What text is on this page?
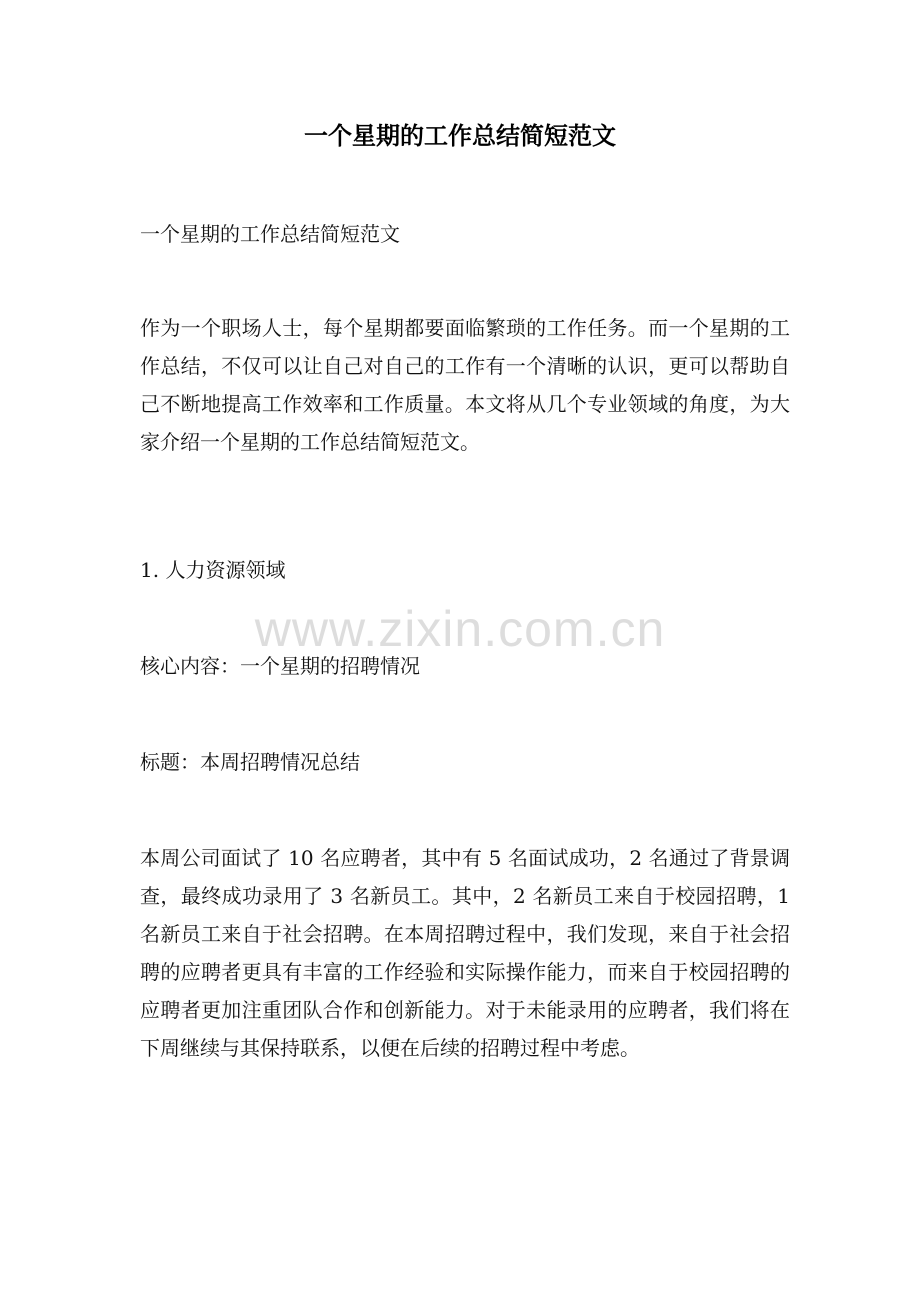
一个星期的工作总结简短范文

一个星期的工作总结简短范文

作为一个职场人士，每个星期都要面临繁琐的工作任务。而一个星期的工作总结，不仅可以让自己对自己的工作有一个清晰的认识，更可以帮助自己不断地提高工作效率和工作质量。本文将从几个专业领域的角度，为大家介绍一个星期的工作总结简短范文。

1. 人力资源领域

核心内容：一个星期的招聘情况

标题：本周招聘情况总结

本周公司面试了 10 名应聘者，其中有 5 名面试成功，2 名通过了背景调查，最终成功录用了 3 名新员工。其中，2 名新员工来自于校园招聘，1 名新员工来自于社会招聘。在本周招聘过程中，我们发现，来自于社会招聘的应聘者更具有丰富的工作经验和实际操作能力，而来自于校园招聘的应聘者更加注重团队合作和创新能力。对于未能录用的应聘者，我们将在下周继续与其保持联系，以便在后续的招聘过程中考虑。

www.zixin.com.cn
